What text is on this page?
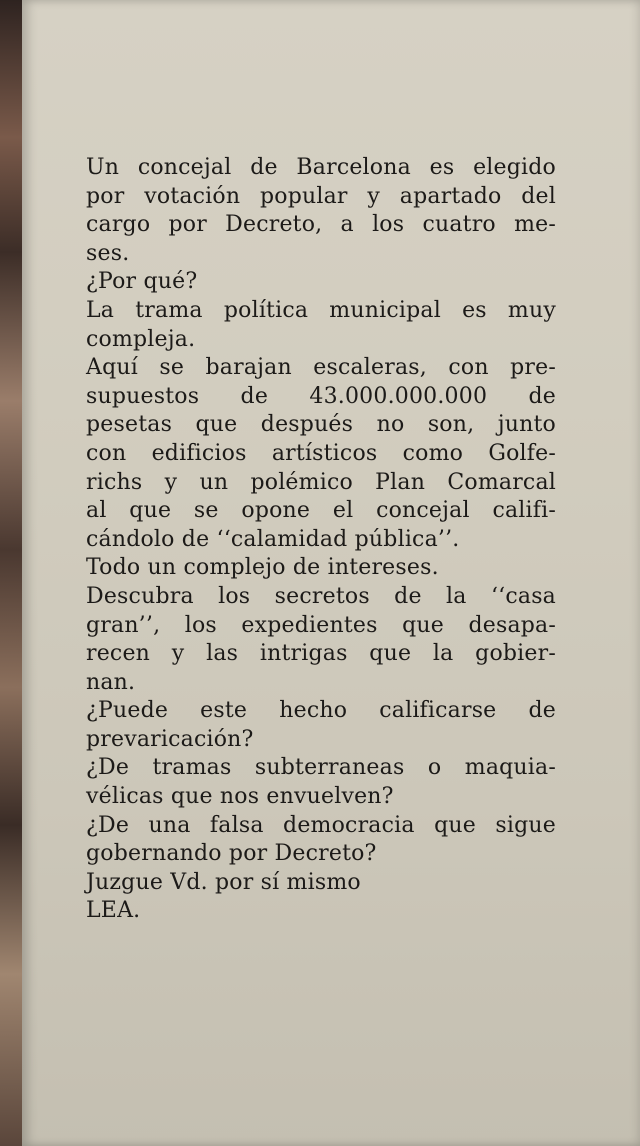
Un concejal de Barcelona es elegido
por votación popular y apartado del
cargo por Decreto, a los cuatro me-
ses.
¿Por qué?
La trama política municipal es muy
compleja.
Aquí se barajan escaleras, con pre-
supuestos de 43.000.000.000 de
pesetas que después no son, junto
con edificios artísticos como Golfe-
richs y un polémico Plan Comarcal
al que se opone el concejal califi-
cándolo de ‘‘calamidad pública’’.
Todo un complejo de intereses.
Descubra los secretos de la ‘‘casa
gran’’, los expedientes que desapa-
recen y las intrigas que la gobier-
nan.
¿Puede este hecho calificarse de
prevaricación?
¿De tramas subterraneas o maquia-
vélicas que nos envuelven?
¿De una falsa democracia que sigue
gobernando por Decreto?
Juzgue Vd. por sí mismo
LEA.
